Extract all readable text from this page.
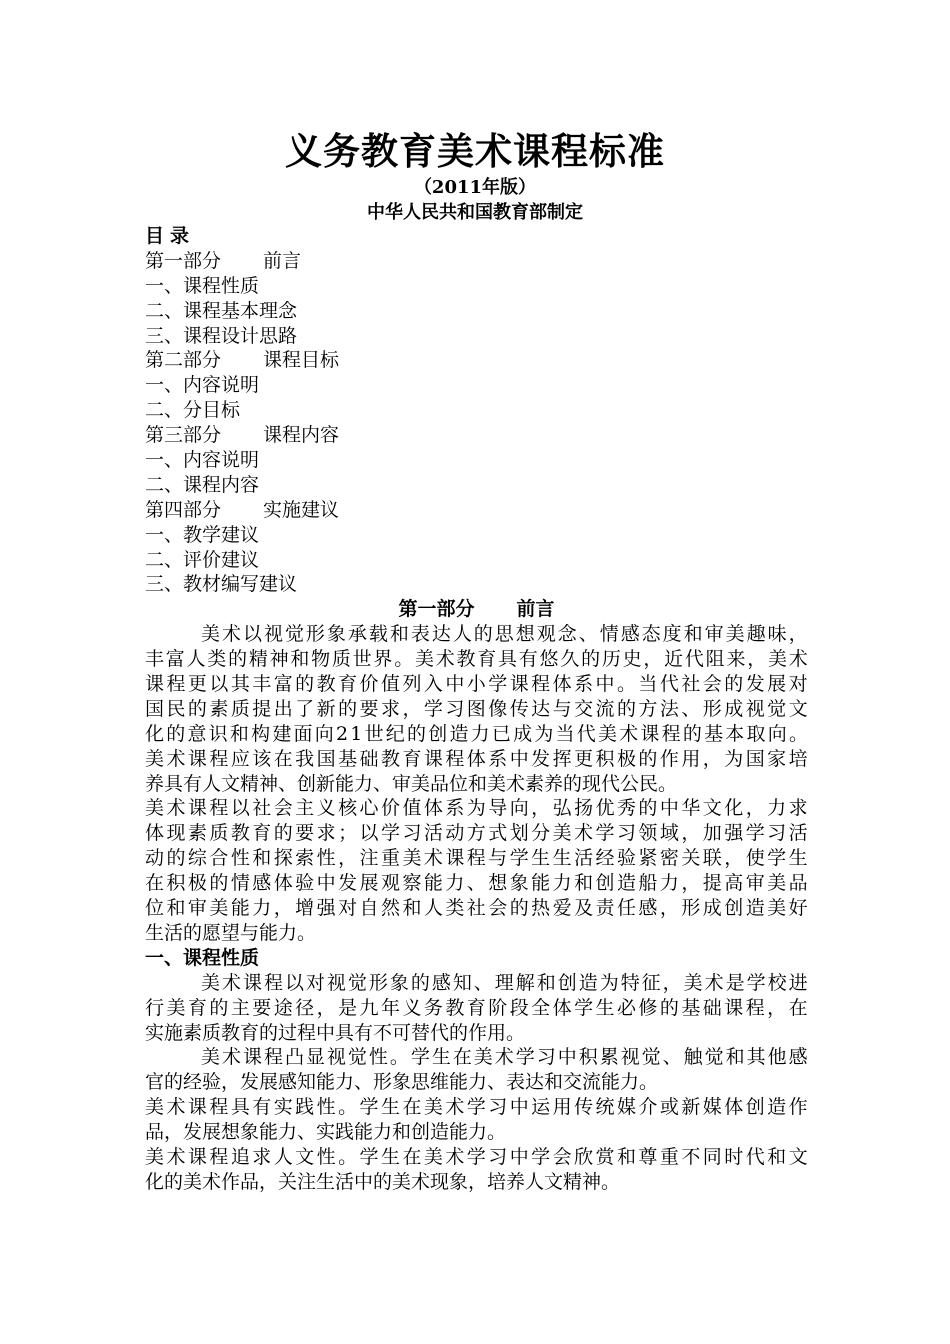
义务教育美术课程标准
（2011年版）
中华人民共和国教育部制定
目录
第一部分 前言
一、课程性质
二、课程基本理念
三、课程设计思路
第二部分 课程目标
一、内容说明
二、分目标
第三部分 课程内容
一、内容说明
二、课程内容
第四部分 实施建议
一、教学建议
二、评价建议
三、教材编写建议
第一部分 前言
美 术 以 视 觉 形 象 承 载 和 表 达 人 的 思 想 观 念 、 情 感 态 度 和 审 美 趣 味 ，
丰 富 人 类 的 精 神 和 物 质 世 界 。 美 术 教 育 具 有 悠 久 的 历 史 ， 近 代 阻 来 ， 美 术
课 程 更 以 其 丰 富 的 教 育 价 值 列 入 中 小 学 课 程 体 系 中 。 当 代 社 会 的 发 展 对
国 民 的 素 质 提 出 了 新 的 要 求 ， 学 习 图 像 传 达 与 交 流 的 方 法 、 形 成 视 觉 文
化 的 意 识 和 构 建 面 向 2 1 世 纪 的 创 造 力 已 成 为 当 代 美 术 课 程 的 基 本 取 向 。
美 术 课 程 应 该 在 我 国 基 础 教 育 课 程 体 系 中 发 挥 更 积 极 的 作 用 ， 为 国 家 培
养具有人文精神、创新能力、审美品位和美术素养的现代公民。
美 术 课 程 以 社 会 主 义 核 心 价 值 体 系 为 导 向 ， 弘 扬 优 秀 的 中 华 文 化 ， 力 求
体 现 素 质 教 育 的 要 求 ； 以 学 习 活 动 方 式 划 分 美 术 学 习 领 域 ， 加 强 学 习 活
动 的 综 合 性 和 探 索 性 ， 注 重 美 术 课 程 与 学 生 生 活 经 验 紧 密 关 联 ， 使 学 生
在 积 极 的 情 感 体 验 中 发 展 观 察 能 力 、 想 象 能 力 和 创 造 船 力 ， 提 高 审 美 品
位 和 审 美 能 力 ， 增 强 对 自 然 和 人 类 社 会 的 热 爱 及 责 任 感 ， 形 成 创 造 美 好
生活的愿望与能力。
一、课程性质
美 术 课 程 以 对 视 觉 形 象 的 感 知 、 理 解 和 创 造 为 特 征 ， 美 术 是 学 校 进
行 美 育 的 主 要 途 径 ， 是 九 年 义 务 教 育 阶 段 全 体 学 生 必 修 的 基 础 课 程 ， 在
实施素质教育的过程中具有不可替代的作用。
美 术 课 程 凸 显 视 觉 性 。 学 生 在 美 术 学 习 中 积 累 视 觉 、 触 觉 和 其 他 感
官的经验，发展感知能力、形象思维能力、表达和交流能力。
美 术 课 程 具 有 实 践 性 。 学 生 在 美 术 学 习 中 运 用 传 统 媒 介 或 新 媒 体 创 造 作
品，发展想象能力、实践能力和创造能力。
美 术 课 程 追 求 人 文 性 。 学 生 在 美 术 学 习 中 学 会 欣 赏 和 尊 重 不 同 时 代 和 文
化的美术作品，关注生活中的美术现象，培养人文精神。
